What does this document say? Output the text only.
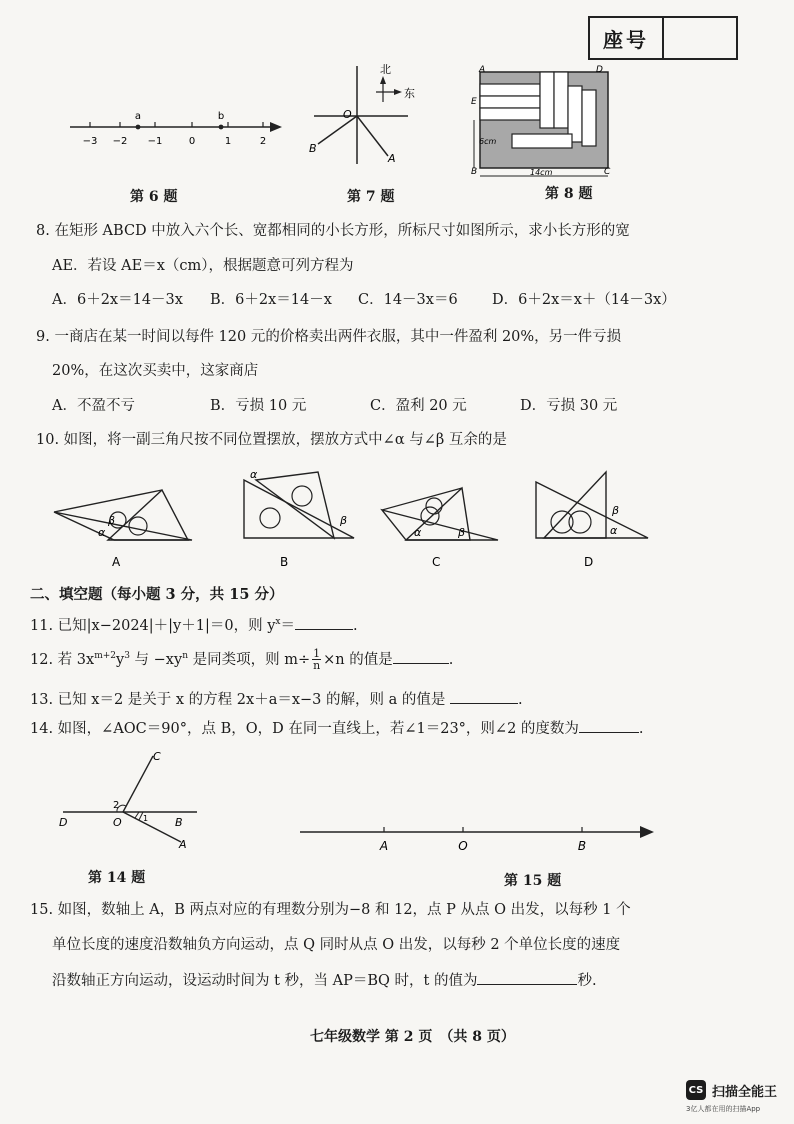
座号
a	b
−3 −2 −1	0	1	2
第 6 题
北
东
O
B
A
第 7 题
A	D
E
B	C
6cm
14cm
第 8 题
8. 在矩形 ABCD 中放入六个长、宽都相同的小长方形，所标尺寸如图所示，求小长方形的宽
AE．若设 AE＝x（cm），根据题意可列方程为
A．6＋2x＝14－3x B．6＋2x＝14－x C．14－3x＝6 D．6＋2x＝x＋（14－3x）
9. 一商店在某一时间以每件 120 元的价格卖出两件衣服，其中一件盈利 20%，另一件亏损
20%，在这次买卖中，这家商店
A．不盈不亏	B．亏损 10 元	C．盈利 20 元	D．亏损 30 元
10. 如图，将一副三角尺按不同位置摆放，摆放方式中∠α 与∠β 互余的是
α
β
A
α
β
B
α	β
C
β
α
D
二、填空题（每小题 3 分，共 15 分）
11. 已知|x−2024|＋|y＋1|＝0，则 $y^x=$	.
12. 若 $3x^{m+2}y^3$ 与 $-xy^n$ 是同类项，则 $m\div \frac{1}{n} \times n$ 的值是	.
13. 已知 x＝2 是关于 x 的方程 2x＋a＝x−3 的解，则 a 的值是	.
14. 如图，∠AOC＝90°，点 B，O，D 在同一直线上，若∠1＝23°，则∠2 的度数为	.
C
D	O	B
A
2
1
第 14 题
A	O	B
第 15 题
15. 如图，数轴上 A，B 两点对应的有理数分别为−8 和 12，点 P 从点 O 出发，以每秒 1 个
单位长度的速度沿数轴负方向运动，点 Q 同时从点 O 出发，以每秒 2 个单位长度的速度
沿数轴正方向运动，设运动时间为 t 秒，当 AP＝BQ 时，t 的值为	秒.
七年级数学 第 2 页　（共 8 页）
CS 扫描全能王
3亿人都在用的扫描App
